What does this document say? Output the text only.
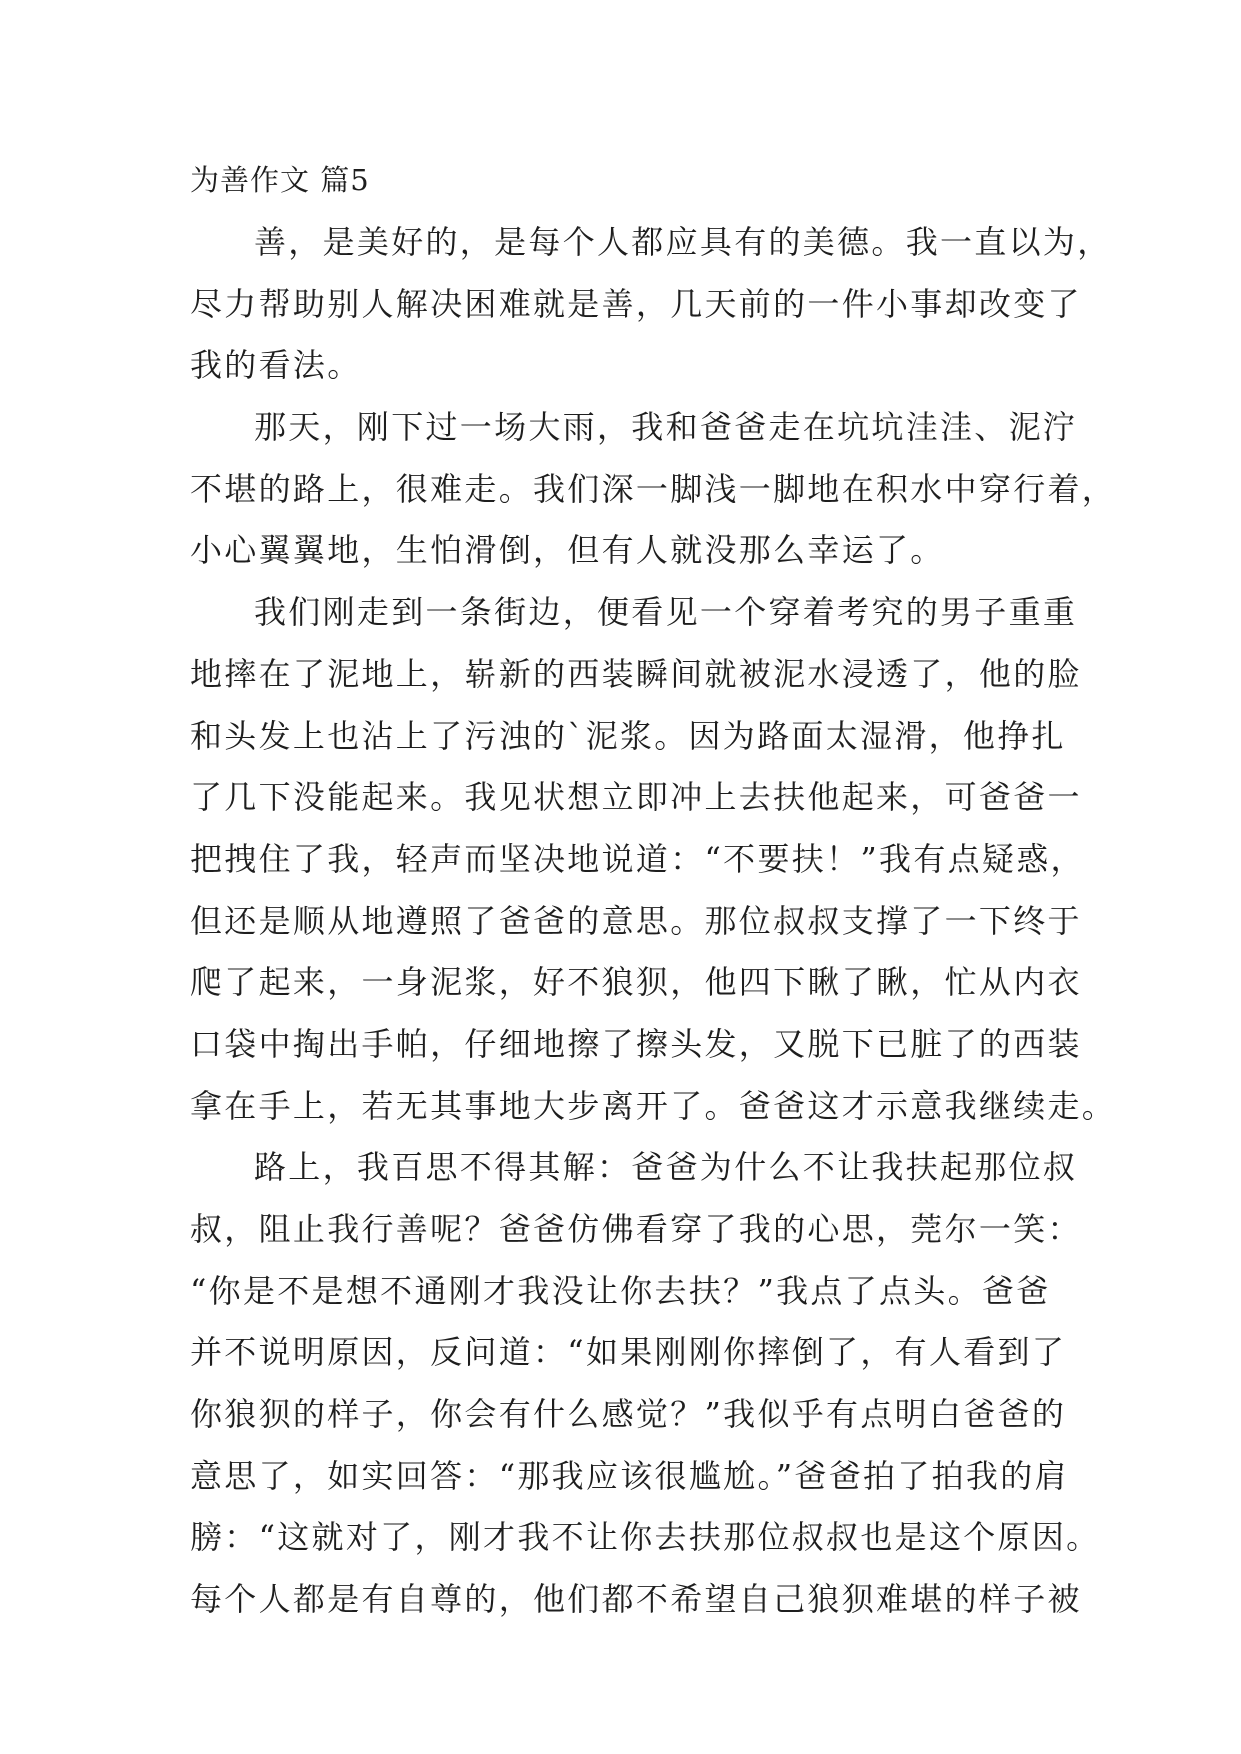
为善作文 篇5
善，是美好的，是每个人都应具有的美德。我一直以为，
尽力帮助别人解决困难就是善，几天前的一件小事却改变了
我的看法。
那天，刚下过一场大雨，我和爸爸走在坑坑洼洼、泥泞
不堪的路上，很难走。我们深一脚浅一脚地在积水中穿行着，
小心翼翼地，生怕滑倒，但有人就没那么幸运了。
我们刚走到一条街边，便看见一个穿着考究的男子重重
地摔在了泥地上，崭新的西装瞬间就被泥水浸透了，他的脸
和头发上也沾上了污浊的`泥浆。因为路面太湿滑，他挣扎
了几下没能起来。我见状想立即冲上去扶他起来，可爸爸一
把拽住了我，轻声而坚决地说道：“不要扶！”我有点疑惑，
但还是顺从地遵照了爸爸的意思。那位叔叔支撑了一下终于
爬了起来，一身泥浆，好不狼狈，他四下瞅了瞅，忙从内衣
口袋中掏出手帕，仔细地擦了擦头发，又脱下已脏了的西装
拿在手上，若无其事地大步离开了。爸爸这才示意我继续走。
路上，我百思不得其解：爸爸为什么不让我扶起那位叔
叔，阻止我行善呢？爸爸仿佛看穿了我的心思，莞尔一笑：
“你是不是想不通刚才我没让你去扶？”我点了点头。爸爸
并不说明原因，反问道：“如果刚刚你摔倒了，有人看到了
你狼狈的样子，你会有什么感觉？”我似乎有点明白爸爸的
意思了，如实回答：“那我应该很尴尬。”爸爸拍了拍我的肩
膀：“这就对了，刚才我不让你去扶那位叔叔也是这个原因。
每个人都是有自尊的，他们都不希望自己狼狈难堪的样子被
